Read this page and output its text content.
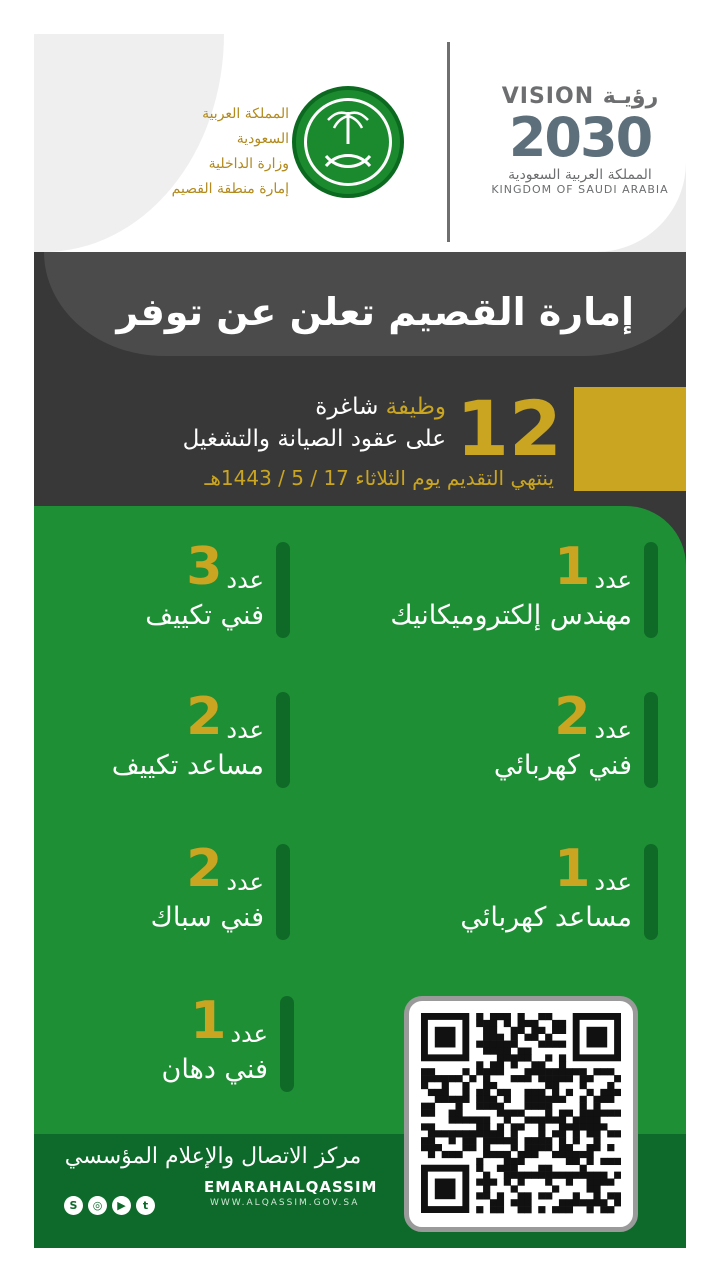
المملكة العربية السعودية
وزارة الداخلية
إمارة منطقة القصيم
VISION رؤيـة
2030
المملكة العربية السعودية
KINGDOM OF SAUDI ARABIA
إمارة القصيم تعلن عن توفر
12
وظيفة شاغرة
على عقود الصيانة والتشغيل
ينتهي التقديم يوم الثلاثاء 17 / 5 / 1443هـ
عدد1
مهندس إلكتروميكانيك
عدد3
فني تكييف
عدد2
فني كهربائي
عدد2
مساعد تكييف
عدد1
مساعد كهربائي
عدد2
فني سباك
عدد1
فني دهان
مركز الاتصال والإعلام المؤسسي
EMARAHALQASSIM
WWW.ALQASSIM.GOV.SA
S ◎ ▶ t
